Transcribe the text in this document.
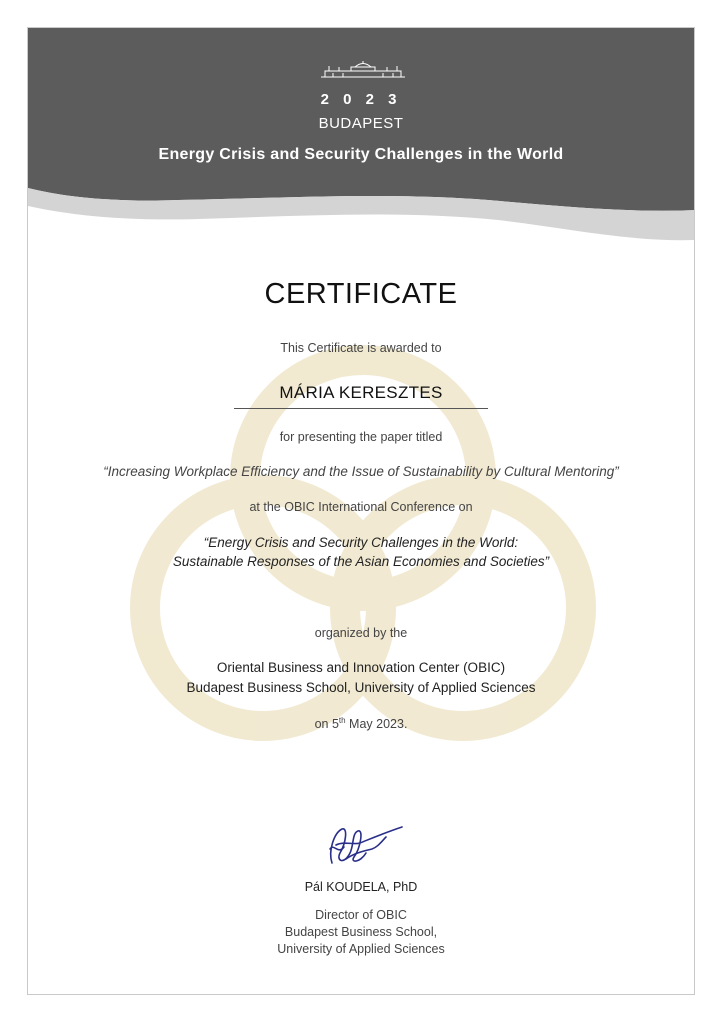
2 0 2 3
BUDAPEST
Energy Crisis and Security Challenges in the World
CERTIFICATE
This Certificate is awarded to
MÁRIA KERESZTES
for presenting the paper titled
“Increasing Workplace Efficiency and the Issue of Sustainability by Cultural Mentoring”
at the OBIC International Conference on
“Energy Crisis and Security Challenges in the World:
Sustainable Responses of the Asian Economies and Societies”
organized by the
Oriental Business and Innovation Center (OBIC)
Budapest Business School, University of Applied Sciences
on 5th May 2023.
Pál KOUDELA, PhD
Director of OBIC
Budapest Business School,
University of Applied Sciences
